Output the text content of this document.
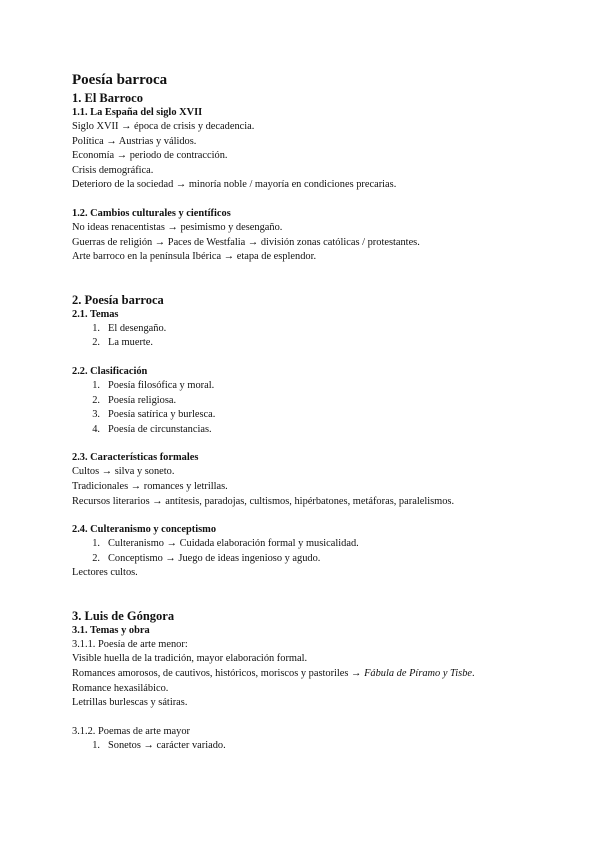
Poesía barroca

1. El Barroco

1.1. La España del siglo XVII

Siglo XVII → época de crisis y decadencia.

Política → Austrias y válidos.

Economía → periodo de contracción.

Crisis demográfica.

Deterioro de la sociedad → minoría noble / mayoría en condiciones precarias.

1.2. Cambios culturales y científicos

No ideas renacentistas → pesimismo y desengaño.

Guerras de religión → Paces de Westfalia → división zonas católicas / protestantes.

Arte barroco en la península Ibérica → etapa de esplendor.

2. Poesía barroca

2.1. Temas

1. El desengaño.
2. La muerte.

2.2. Clasificación

1. Poesía filosófica y moral.
2. Poesía religiosa.
3. Poesía satírica y burlesca.
4. Poesía de circunstancias.

2.3. Características formales

Cultos → silva y soneto.

Tradicionales → romances y letrillas.

Recursos literarios → antítesis, paradojas, cultismos, hipérbatones, metáforas, paralelismos.

2.4. Culteranismo y conceptismo

1. Culteranismo → Cuidada elaboración formal y musicalidad.
2. Conceptismo → Juego de ideas ingenioso y agudo.

Lectores cultos.

3. Luis de Góngora

3.1. Temas y obra

3.1.1. Poesía de arte menor:

Visible huella de la tradición, mayor elaboración formal.

Romances amorosos, de cautivos, históricos, moriscos y pastoriles → Fábula de Píramo y Tisbe.

Romance hexasilábico.

Letrillas burlescas y sátiras.

3.1.2. Poemas de arte mayor

1. Sonetos → carácter variado.
